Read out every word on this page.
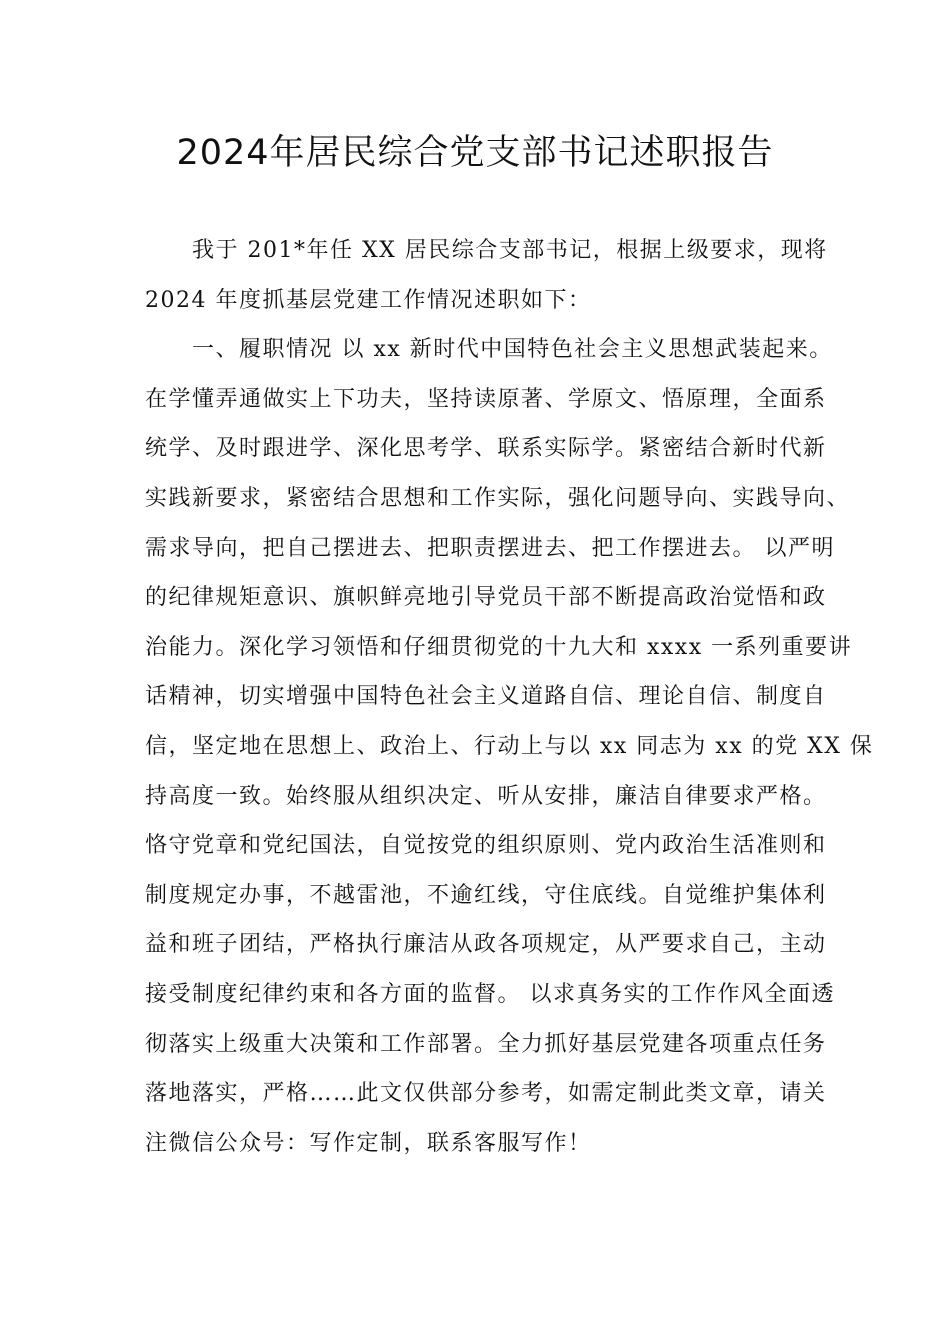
2024年居民综合党支部书记述职报告
我于 201*年任 XX 居民综合支部书记，根据上级要求，现将
2024 年度抓基层党建工作情况述职如下：
一、履职情况 以 xx 新时代中国特色社会主义思想武装起来。
在学懂弄通做实上下功夫，坚持读原著、学原文、悟原理，全面系
统学、及时跟进学、深化思考学、联系实际学。紧密结合新时代新
实践新要求，紧密结合思想和工作实际，强化问题导向、实践导向、
需求导向，把自己摆进去、把职责摆进去、把工作摆进去。 以严明
的纪律规矩意识、旗帜鲜亮地引导党员干部不断提高政治觉悟和政
治能力。深化学习领悟和仔细贯彻党的十九大和 xxxx 一系列重要讲
话精神，切实增强中国特色社会主义道路自信、理论自信、制度自
信，坚定地在思想上、政治上、行动上与以 xx 同志为 xx 的党 XX 保
持高度一致。始终服从组织决定、听从安排，廉洁自律要求严格。
恪守党章和党纪国法，自觉按党的组织原则、党内政治生活准则和
制度规定办事，不越雷池，不逾红线，守住底线。自觉维护集体利
益和班子团结，严格执行廉洁从政各项规定，从严要求自己，主动
接受制度纪律约束和各方面的监督。 以求真务实的工作作风全面透
彻落实上级重大决策和工作部署。全力抓好基层党建各项重点任务
落地落实，严格……此文仅供部分参考，如需定制此类文章，请关
注微信公众号：写作定制，联系客服写作！
